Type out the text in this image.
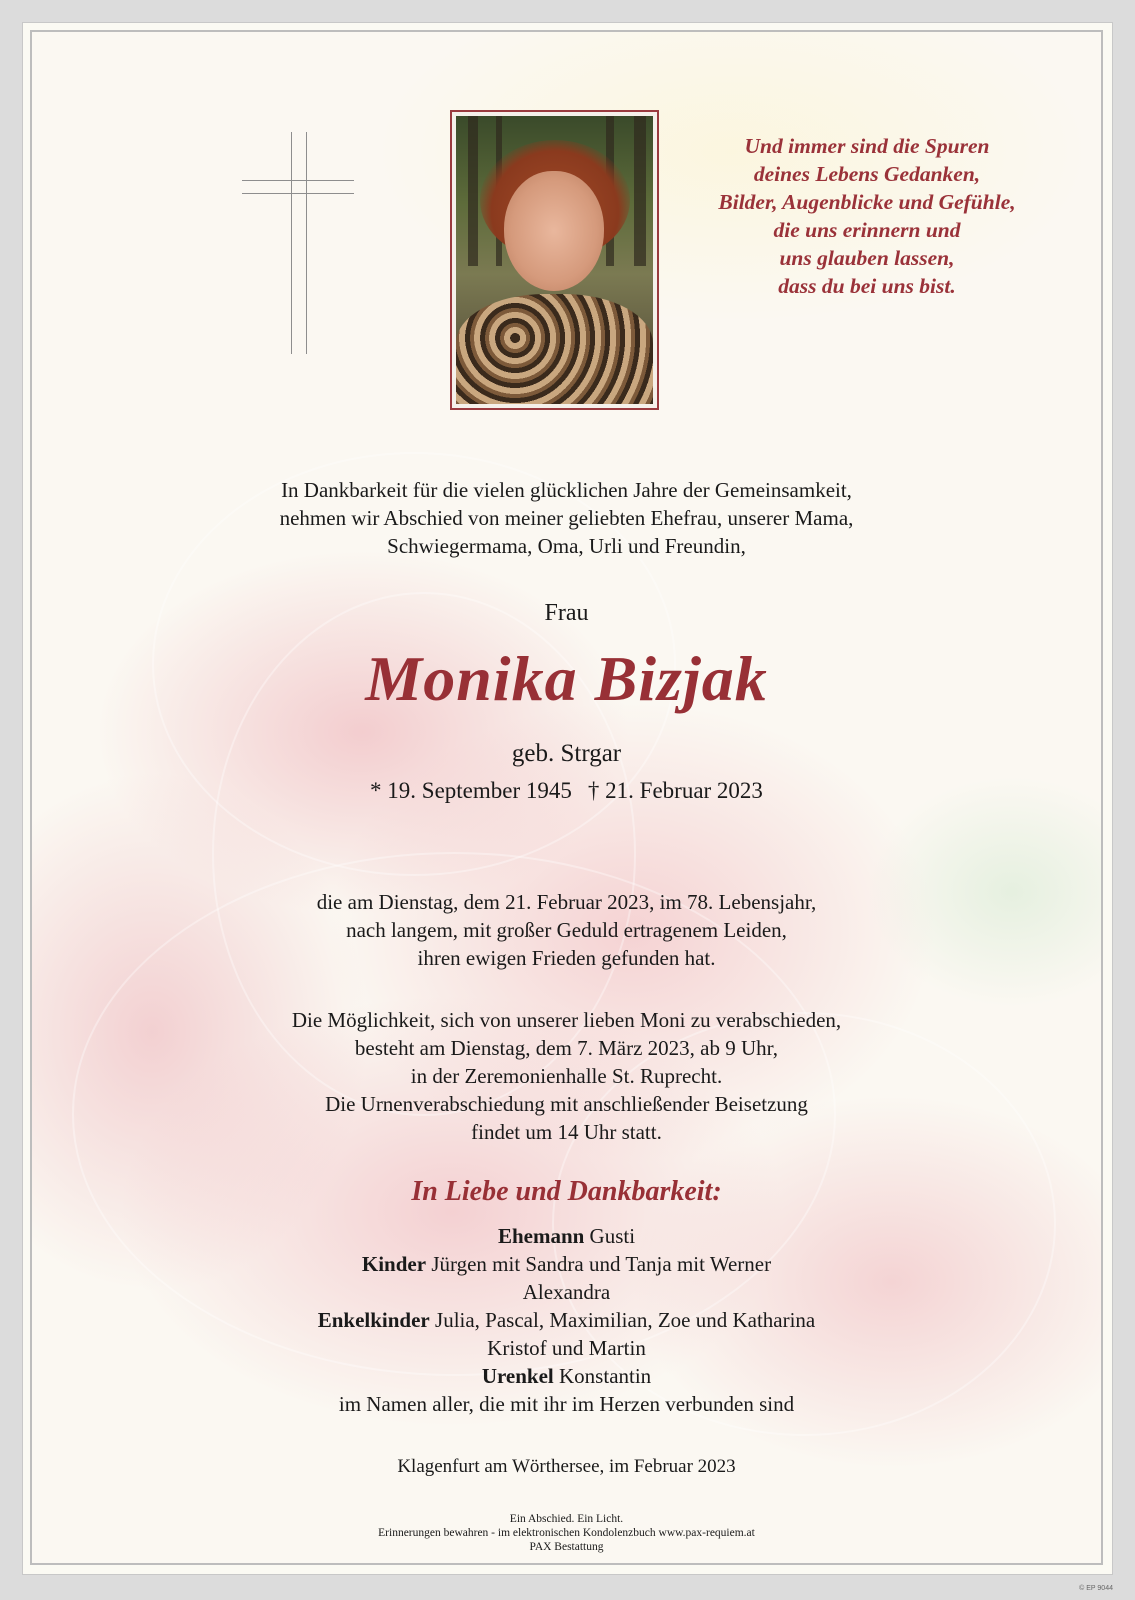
Und immer sind die Spuren
deines Lebens Gedanken,
Bilder, Augenblicke und Gefühle,
die uns erinnern und
uns glauben lassen,
dass du bei uns bist.
In Dankbarkeit für die vielen glücklichen Jahre der Gemeinsamkeit,
nehmen wir Abschied von meiner geliebten Ehefrau, unserer Mama,
Schwiegermama, Oma, Urli und Freundin,
Frau
Monika Bizjak
geb. Strgar
* 19. September 1945 † 21. Februar 2023
die am Dienstag, dem 21. Februar 2023, im 78. Lebensjahr,
nach langem, mit großer Geduld ertragenem Leiden,
ihren ewigen Frieden gefunden hat.
Die Möglichkeit, sich von unserer lieben Moni zu verabschieden,
besteht am Dienstag, dem 7. März 2023, ab 9 Uhr,
in der Zeremonienhalle St. Ruprecht.
Die Urnenverabschiedung mit anschließender Beisetzung
findet um 14 Uhr statt.
In Liebe und Dankbarkeit:
Ehemann Gusti
Kinder Jürgen mit Sandra und Tanja mit Werner
Alexandra
Enkelkinder Julia, Pascal, Maximilian, Zoe und Katharina
Kristof und Martin
Urenkel Konstantin
im Namen aller, die mit ihr im Herzen verbunden sind
Klagenfurt am Wörthersee, im Februar 2023
Ein Abschied. Ein Licht.
Erinnerungen bewahren - im elektronischen Kondolenzbuch www.pax-requiem.at
PAX Bestattung
© EP 9044
